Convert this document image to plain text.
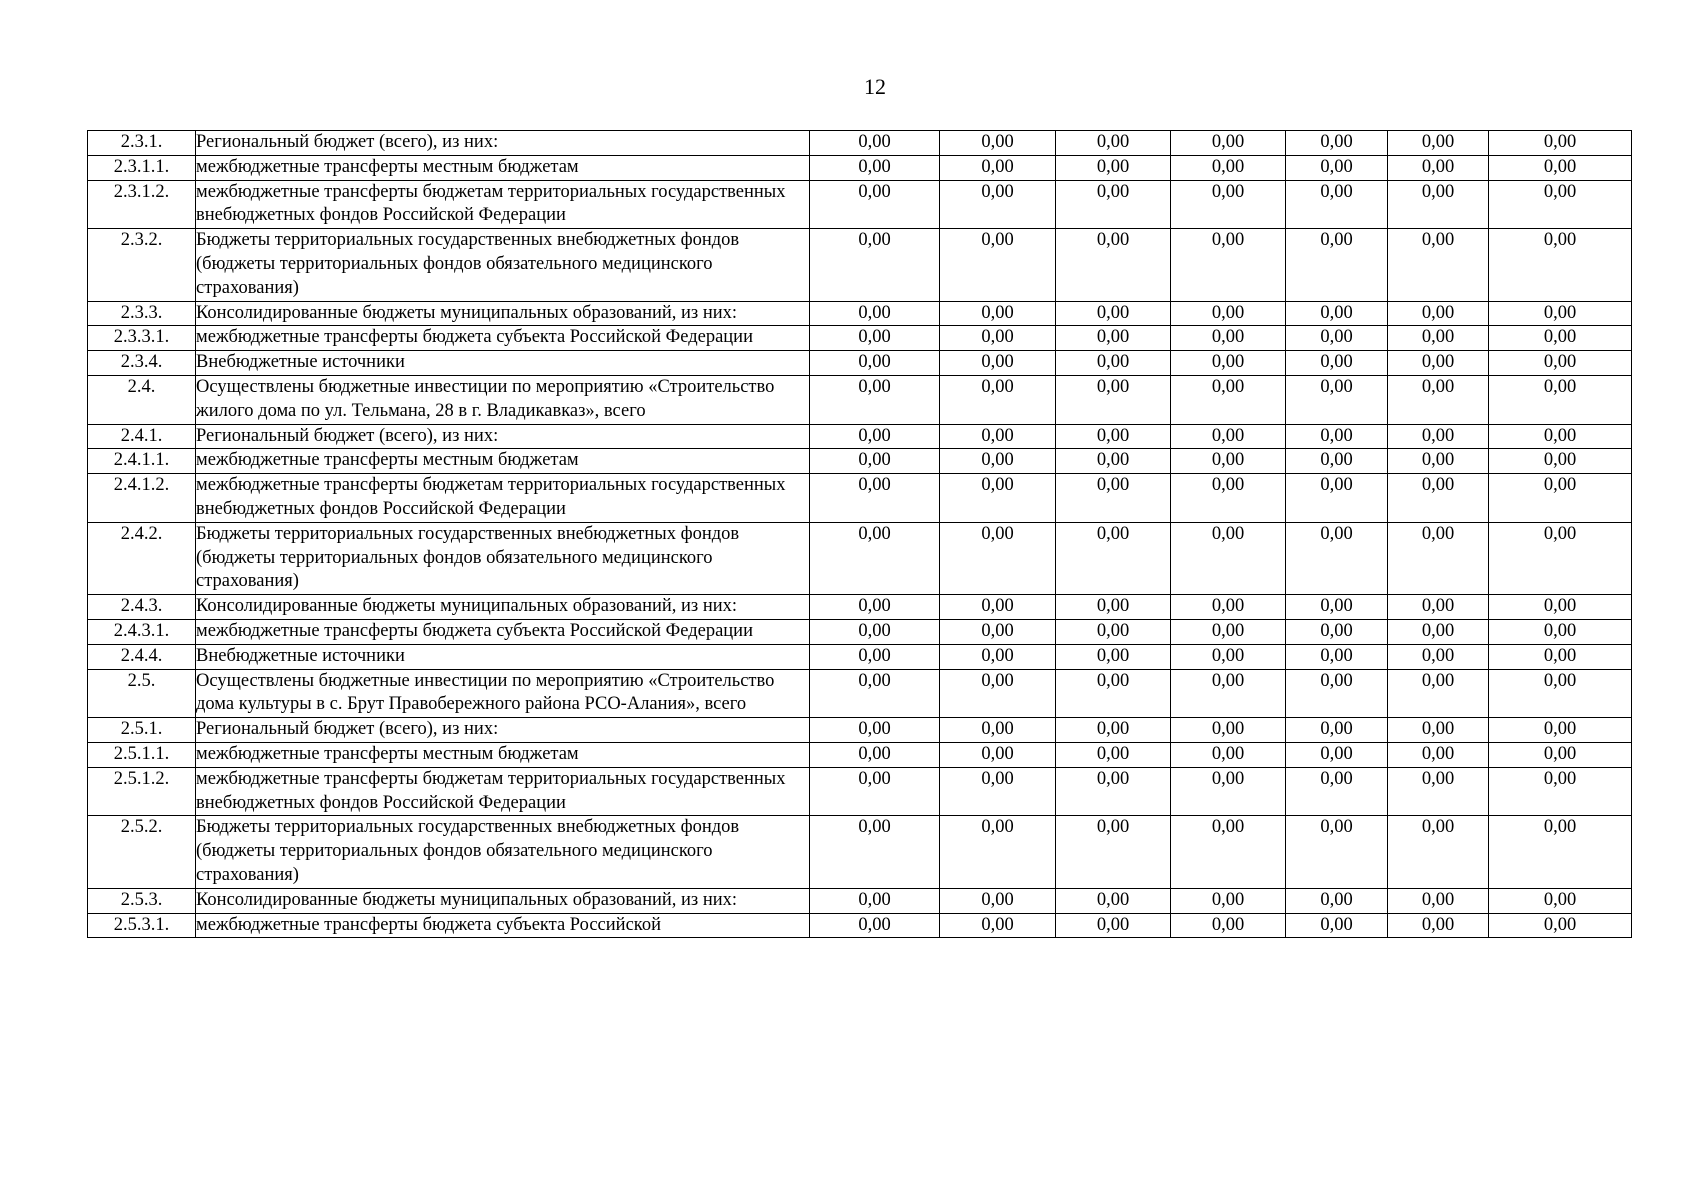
12
2.3.1.	Региональный бюджет (всего), из них:	0,00	0,00	0,00	0,00	0,00	0,00	0,00
2.3.1.1.	межбюджетные трансферты местным бюджетам	0,00	0,00	0,00	0,00	0,00	0,00	0,00
2.3.1.2.	межбюджетные трансферты бюджетам территориальных государственных внебюджетных фондов Российской Федерации	0,00	0,00	0,00	0,00	0,00	0,00	0,00
2.3.2.	Бюджеты территориальных государственных внебюджетных фондов (бюджеты территориальных фондов обязательного медицинского страхования)	0,00	0,00	0,00	0,00	0,00	0,00	0,00
2.3.3.	Консолидированные бюджеты муниципальных образований, из них:	0,00	0,00	0,00	0,00	0,00	0,00	0,00
2.3.3.1.	межбюджетные трансферты бюджета субъекта Российской Федерации	0,00	0,00	0,00	0,00	0,00	0,00	0,00
2.3.4.	Внебюджетные источники	0,00	0,00	0,00	0,00	0,00	0,00	0,00
2.4.	Осуществлены бюджетные инвестиции по мероприятию «Строительство жилого дома по ул. Тельмана, 28 в г. Владикавказ», всего	0,00	0,00	0,00	0,00	0,00	0,00	0,00
2.4.1.	Региональный бюджет (всего), из них:	0,00	0,00	0,00	0,00	0,00	0,00	0,00
2.4.1.1.	межбюджетные трансферты местным бюджетам	0,00	0,00	0,00	0,00	0,00	0,00	0,00
2.4.1.2.	межбюджетные трансферты бюджетам территориальных государственных внебюджетных фондов Российской Федерации	0,00	0,00	0,00	0,00	0,00	0,00	0,00
2.4.2.	Бюджеты территориальных государственных внебюджетных фондов (бюджеты территориальных фондов обязательного медицинского страхования)	0,00	0,00	0,00	0,00	0,00	0,00	0,00
2.4.3.	Консолидированные бюджеты муниципальных образований, из них:	0,00	0,00	0,00	0,00	0,00	0,00	0,00
2.4.3.1.	межбюджетные трансферты бюджета субъекта Российской Федерации	0,00	0,00	0,00	0,00	0,00	0,00	0,00
2.4.4.	Внебюджетные источники	0,00	0,00	0,00	0,00	0,00	0,00	0,00
2.5.	Осуществлены бюджетные инвестиции по мероприятию «Строительство дома культуры в с. Брут Правобережного района РСО-Алания», всего	0,00	0,00	0,00	0,00	0,00	0,00	0,00
2.5.1.	Региональный бюджет (всего), из них:	0,00	0,00	0,00	0,00	0,00	0,00	0,00
2.5.1.1.	межбюджетные трансферты местным бюджетам	0,00	0,00	0,00	0,00	0,00	0,00	0,00
2.5.1.2.	межбюджетные трансферты бюджетам территориальных государственных внебюджетных фондов Российской Федерации	0,00	0,00	0,00	0,00	0,00	0,00	0,00
2.5.2.	Бюджеты территориальных государственных внебюджетных фондов (бюджеты территориальных фондов обязательного медицинского страхования)	0,00	0,00	0,00	0,00	0,00	0,00	0,00
2.5.3.	Консолидированные бюджеты муниципальных образований, из них:	0,00	0,00	0,00	0,00	0,00	0,00	0,00
2.5.3.1.	межбюджетные трансферты бюджета субъекта Российской	0,00	0,00	0,00	0,00	0,00	0,00	0,00
